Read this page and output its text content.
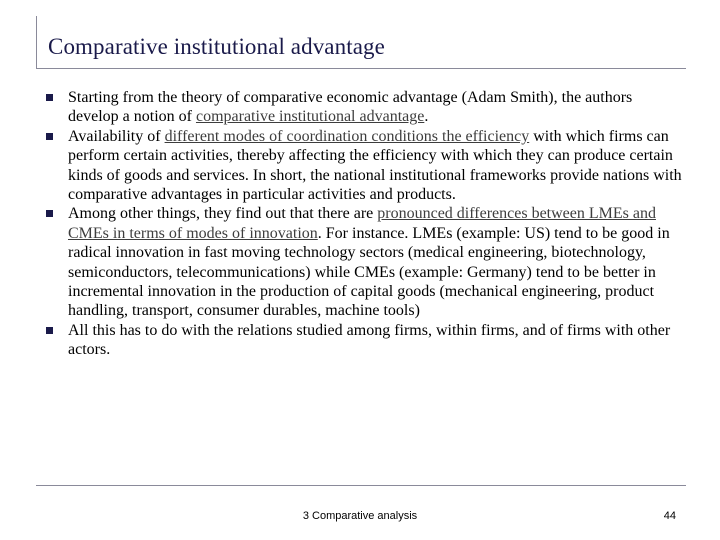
Comparative institutional advantage
Starting from the theory of comparative economic advantage (Adam Smith), the authors develop a notion of comparative institutional advantage.
Availability of different modes of coordination conditions the efficiency with which firms can perform certain activities, thereby affecting the efficiency with which they can produce certain kinds of goods and services. In short, the national institutional frameworks provide nations with comparative advantages in particular activities and products.
Among other things, they find out that there are pronounced differences between LMEs and CMEs in terms of modes of innovation. For instance. LMEs (example: US) tend to be good in radical innovation in fast moving technology sectors (medical engineering, biotechnology, semiconductors, telecommunications) while CMEs (example: Germany) tend to be better in incremental innovation in the production of capital goods (mechanical engineering, product handling, transport, consumer durables, machine tools)
All this has to do with the relations studied among firms, within firms, and of firms with other actors.
3 Comparative analysis	44
